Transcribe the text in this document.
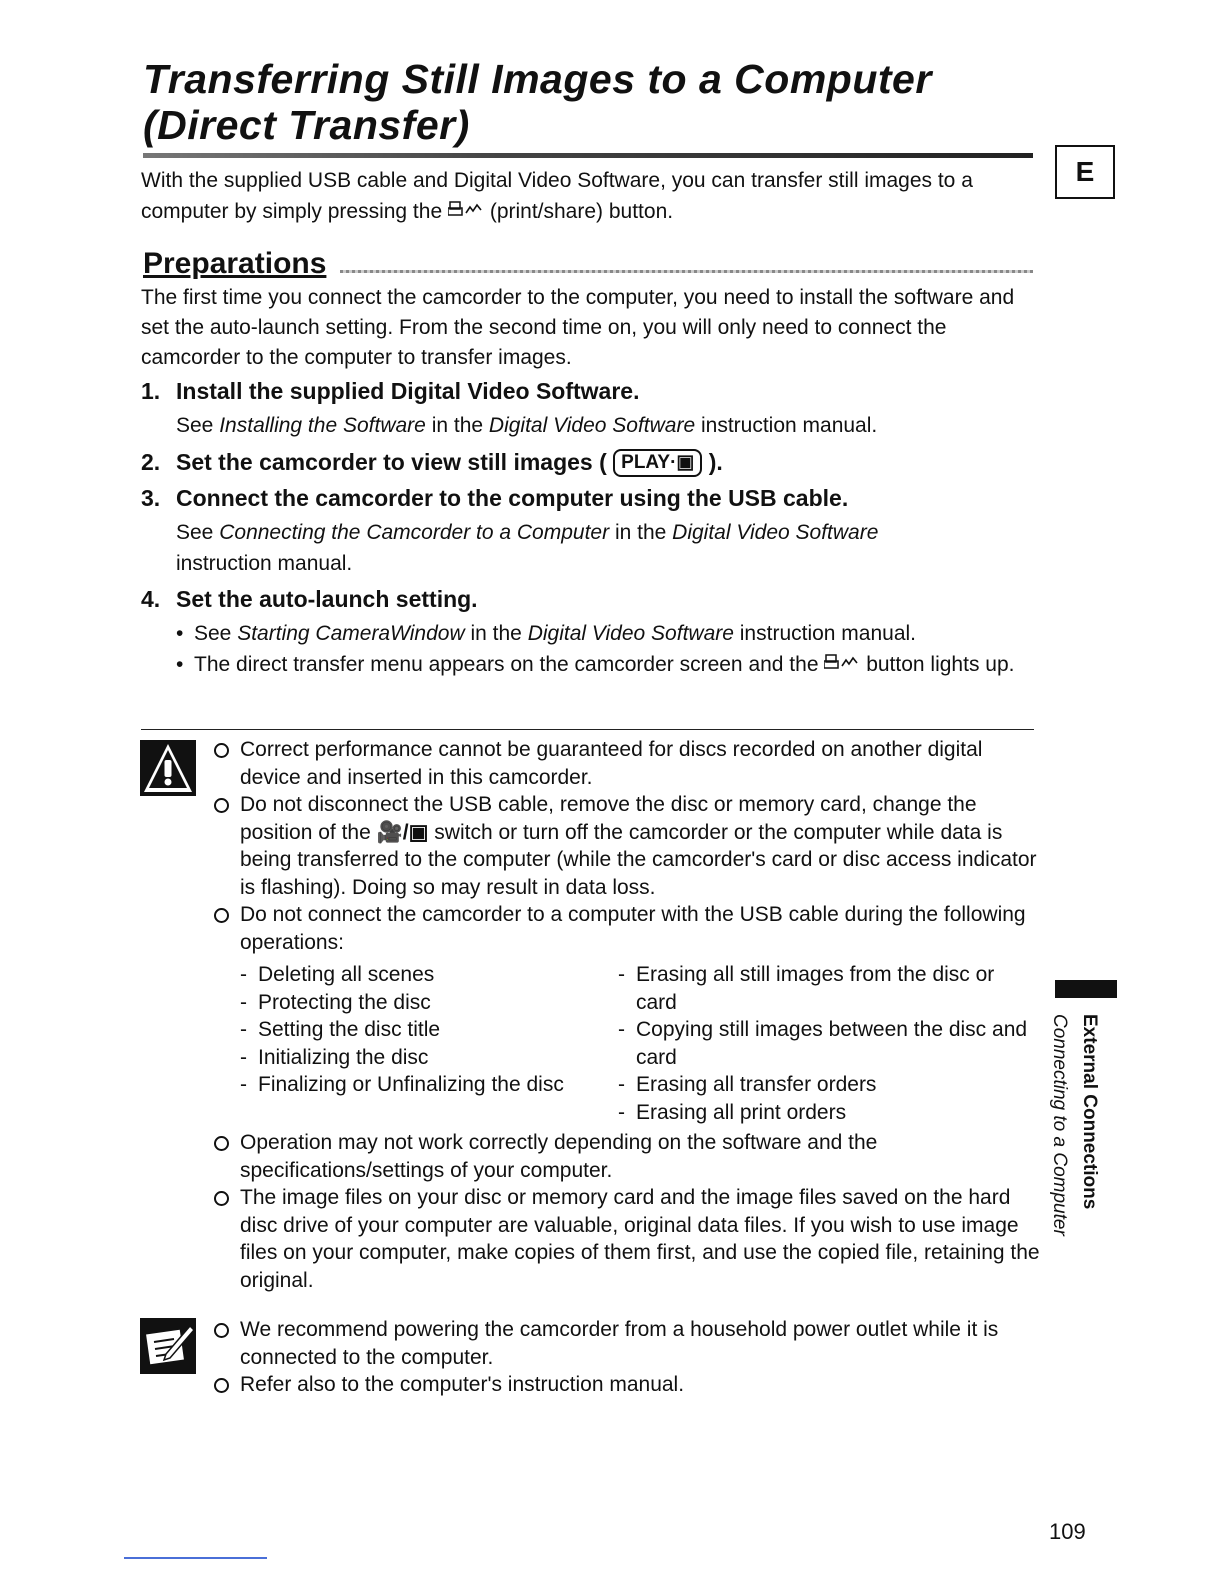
Transferring Still Images to a Computer (Direct Transfer)
E

With the supplied USB cable and Digital Video Software, you can transfer still images to a computer by simply pressing the (print/share) button.

Preparations

The first time you connect the camcorder to the computer, you need to install the software and set the auto-launch setting. From the second time on, you will only need to connect the camcorder to the computer to transfer images.

1. Install the supplied Digital Video Software.

See Installing the Software in the Digital Video Software instruction manual.

2. Set the camcorder to view still images ( PLAY·▣ ).

3. Connect the camcorder to the computer using the USB cable.

See Connecting the Camcorder to a Computer in the Digital Video Software
instruction manual.

4. Set the auto-launch setting.

• See Starting CameraWindow in the Digital Video Software instruction manual.
• The direct transfer menu appears on the camcorder screen and the button lights up.
Correct performance cannot be guaranteed for discs recorded on another digital device and inserted in this camcorder.
Do not disconnect the USB cable, remove the disc or memory card, change the position of the 🎥/▣ switch or turn off the camcorder or the computer while data is being transferred to the computer (while the camcorder's card or disc access indicator is flashing). Doing so may result in data loss.
Do not connect the camcorder to a computer with the USB cable during the following operations:
- Deleting all scenes
- Protecting the disc
- Setting the disc title
- Initializing the disc
- Finalizing or Unfinalizing the disc
- Erasing all still images from the disc or card
- Copying still images between the disc and card
- Erasing all transfer orders
- Erasing all print orders
Operation may not work correctly depending on the software and the specifications/settings of your computer.
The image files on your disc or memory card and the image files saved on the hard disc drive of your computer are valuable, original data files. If you wish to use image files on your computer, make copies of them first, and use the copied file, retaining the original.
We recommend powering the camcorder from a household power outlet while it is connected to the computer.
Refer also to the computer's instruction manual.
External Connections
Connecting to a Computer
109
